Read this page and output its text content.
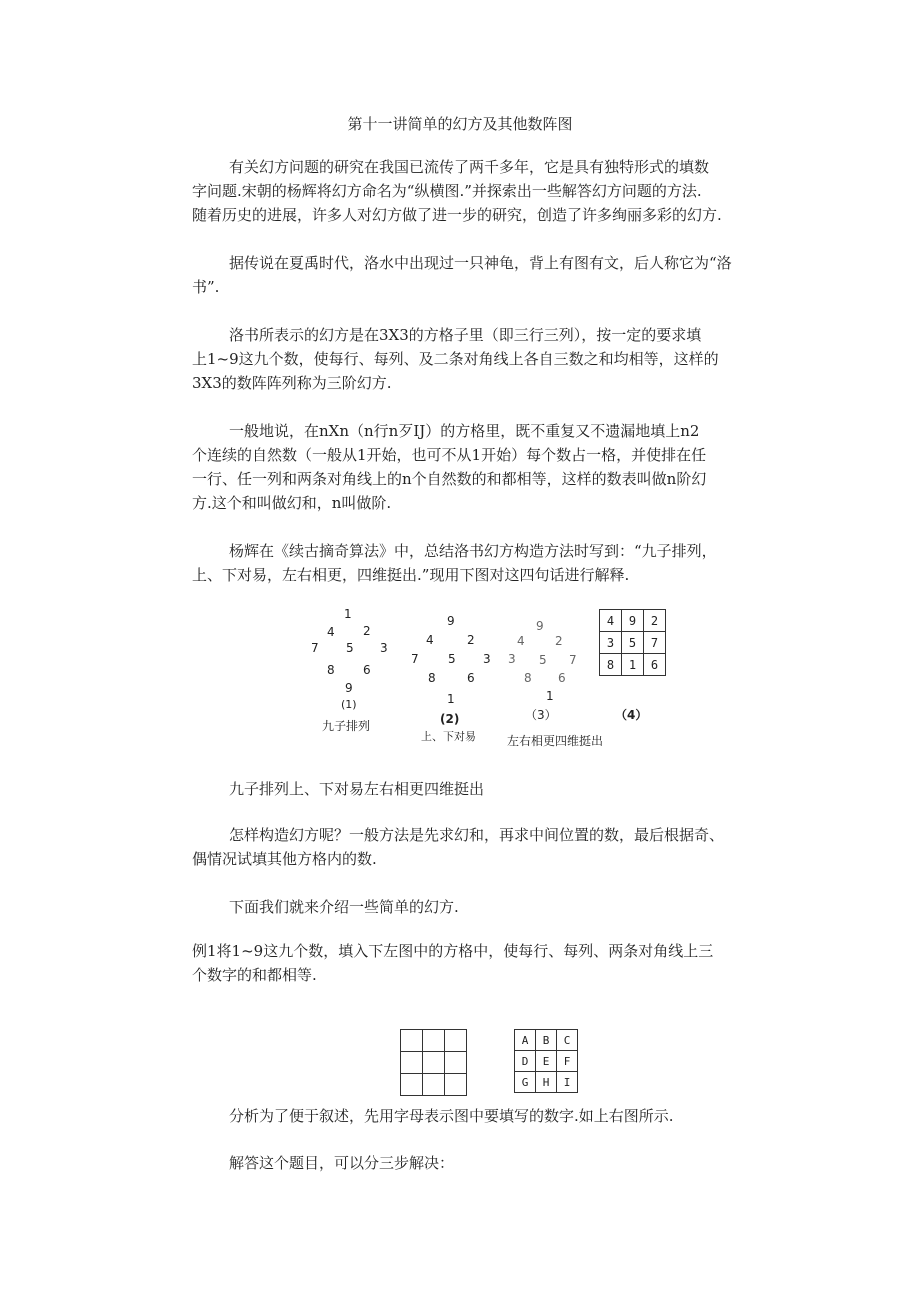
第十一讲简单的幻方及其他数阵图
有关幻方问题的研究在我国已流传了两千多年，它是具有独特形式的填数
字问题.宋朝的杨辉将幻方命名为“纵横图.”并探索出一些解答幻方问题的方法.
随着历史的进展，许多人对幻方做了进一步的研究，创造了许多绚丽多彩的幻方.
据传说在夏禹时代，洛水中出现过一只神龟，背上有图有文，后人称它为“洛
书”.
洛书所表示的幻方是在3X3的方格子里（即三行三列），按一定的要求填
上1~9这九个数，使每行、每列、及二条对角线上各自三数之和均相等，这样的
3X3的数阵阵列称为三阶幻方.
一般地说，在nXn（n行n歹IJ）的方格里，既不重复又不遗漏地填上n2
个连续的自然数（一般从1开始，也可不从1开始）每个数占一格，并使排在任
一行、任一列和两条对角线上的n个自然数的和都相等，这样的数表叫做n阶幻
方.这个和叫做幻和，n叫做阶.
杨辉在《续古摘奇算法》中，总结洛书幻方构造方法时写到：“九子排列，
上、下对易，左右相更，四维挺出.”现用下图对这四句话进行解释.
1
4 2
7 5 3
8 6
9
(1)
九子排列
9
4	2
7 5 3
8	6
1
(2)
上、下对易
9
4	2
3 5 7
8 6
1
（3）
左右相更四维挺出
4	9	2
3	5	7
8	1	6
（4）
九子排列上、下对易左右相更四维挺出
怎样构造幻方呢？一般方法是先求幻和，再求中间位置的数，最后根据奇、
偶情况试填其他方格内的数.
下面我们就来介绍一些简单的幻方.
例1将1~9这九个数，填入下左图中的方格中，使每行、每列、两条对角线上三
个数字的和都相等.

A	B	C
D	E	F
G	H	I
分析为了便于叙述，先用字母表示图中要填写的数字.如上右图所示.
解答这个题目，可以分三步解决：
